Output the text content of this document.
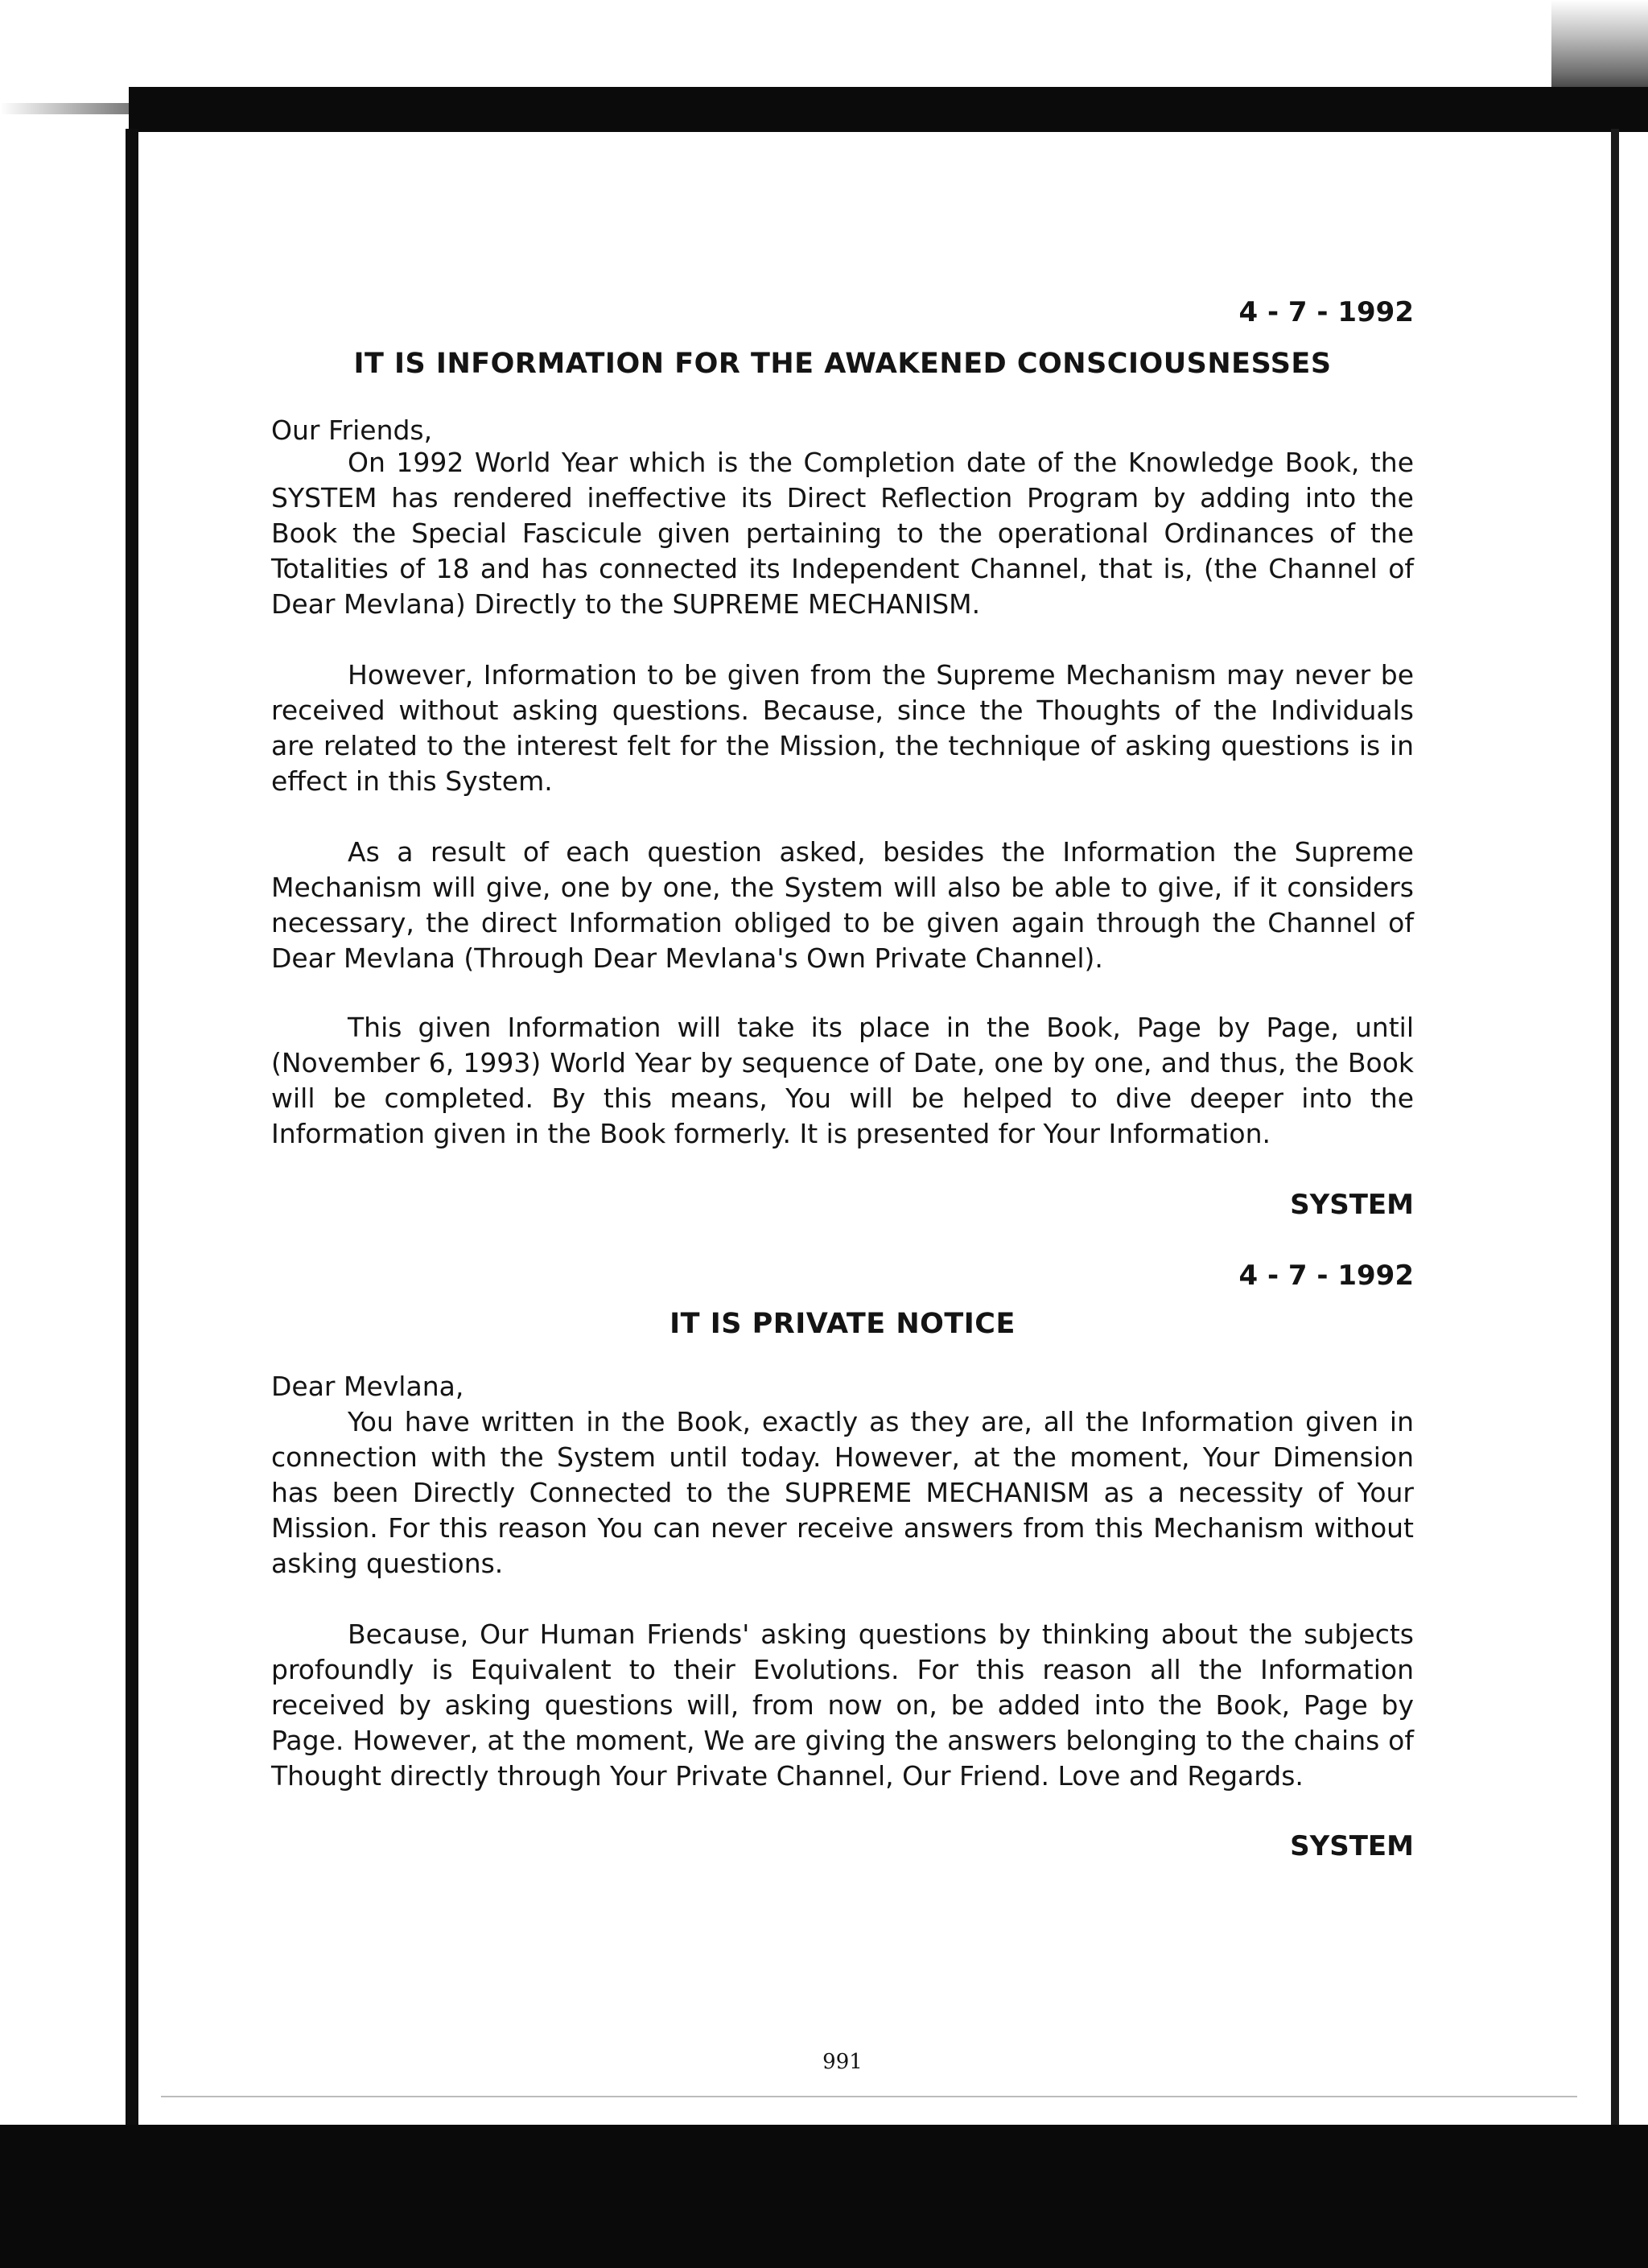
4 - 7 - 1992
IT IS INFORMATION FOR THE AWAKENED CONSCIOUSNESSES

Our Friends,

On 1992 World Year which is the Completion date of the Knowledge Book, the SYSTEM has rendered ineffective its Direct Reflection Program by adding into the Book the Special Fascicule given pertaining to the operational Ordinances of the Totalities of 18 and has connected its Independent Channel, that is, (the Channel of Dear Mevlana) Directly to the SUPREME MECHANISM.

However, Information to be given from the Supreme Mechanism may never be received without asking questions. Because, since the Thoughts of the Individuals are related to the interest felt for the Mission, the technique of asking questions is in effect in this System.

As a result of each question asked, besides the Information the Supreme Mechanism will give, one by one, the System will also be able to give, if it considers necessary, the direct Information obliged to be given again through the Channel of Dear Mevlana (Through Dear Mevlana's Own Private Channel).

This given Information will take its place in the Book, Page by Page, until (November 6, 1993) World Year by sequence of Date, one by one, and thus, the Book will be completed. By this means, You will be helped to dive deeper into the Information given in the Book formerly. It is presented for Your Information.

SYSTEM
4 - 7 - 1992
IT IS PRIVATE NOTICE

Dear Mevlana,

You have written in the Book, exactly as they are, all the Information given in connection with the System until today. However, at the moment, Your Dimension has been Directly Connected to the SUPREME MECHANISM as a necessity of Your Mission. For this reason You can never receive answers from this Mechanism without asking questions.

Because, Our Human Friends' asking questions by thinking about the subjects profoundly is Equivalent to their Evolutions. For this reason all the Information received by asking questions will, from now on, be added into the Book, Page by Page. However, at the moment, We are giving the answers belonging to the chains of Thought directly through Your Private Channel, Our Friend. Love and Regards.

SYSTEM
991
